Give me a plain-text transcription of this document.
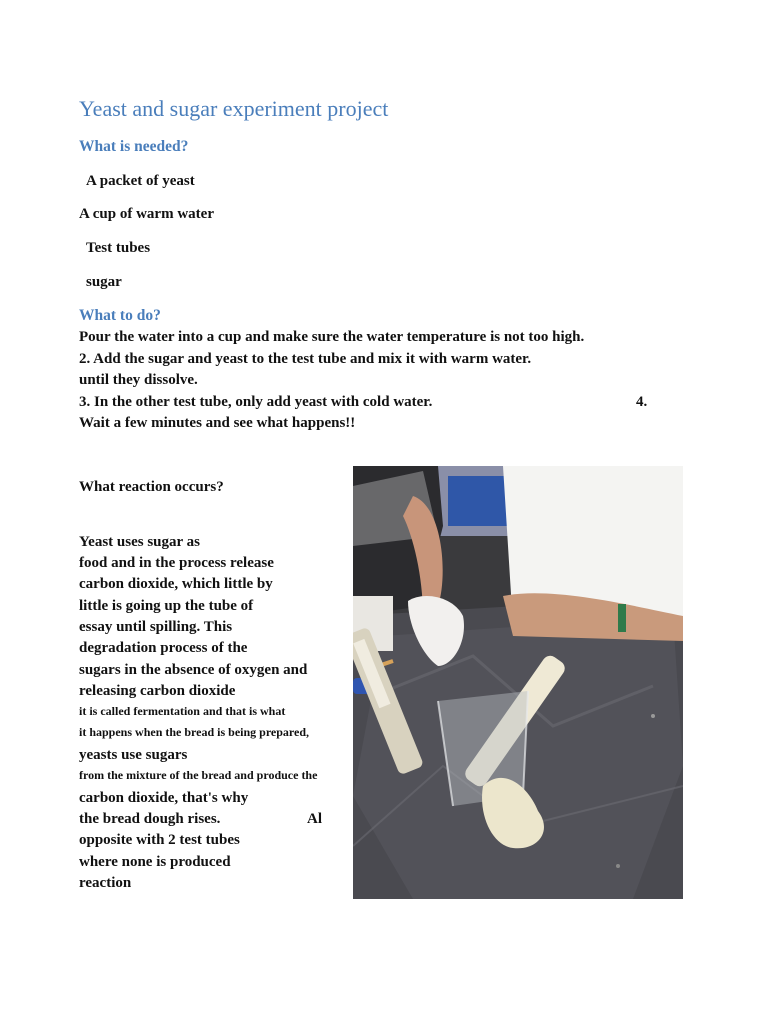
Yeast and sugar experiment project
What is needed?
A packet of yeast
A cup of warm water
Test tubes
sugar
What to do?
Pour the water into a cup and make sure the water temperature is not too high.
2. Add the sugar and yeast to the test tube and mix it with warm water.
until they dissolve.
3. In the other test tube, only add yeast with cold water.	4.
Wait a few minutes and see what happens!!
What reaction occurs?
Yeast uses sugar as
food and in the process release
carbon dioxide, which little by
little is going up the tube of
essay until spilling. This
degradation process of the
sugars in the absence of oxygen and
releasing carbon dioxide
it is called fermentation and that is what
it happens when the bread is being prepared,
yeasts use sugars
from the mixture of the bread and produce the
carbon dioxide, that's why
the bread dough rises.	Al
opposite with 2 test tubes
where none is produced
reaction
